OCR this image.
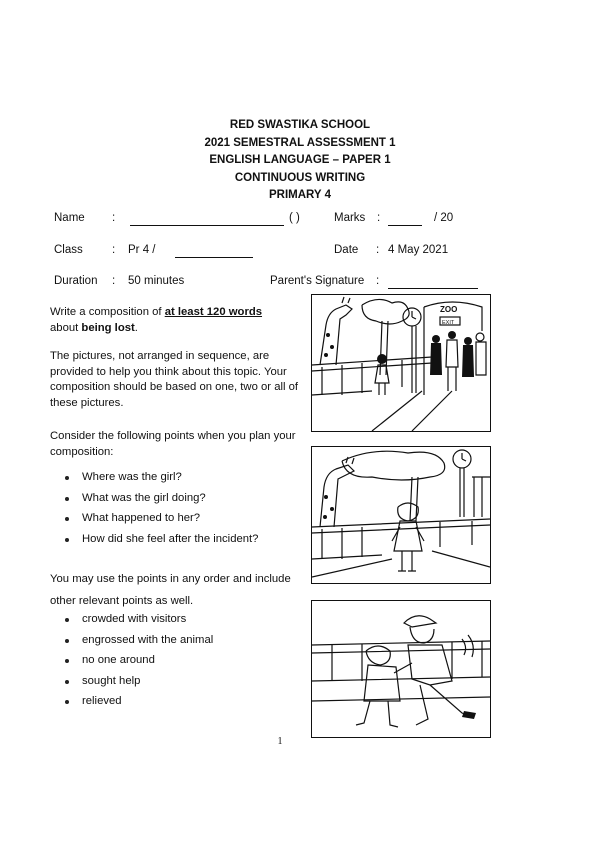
RED SWASTIKA SCHOOL
2021 SEMESTRAL ASSESSMENT 1
ENGLISH LANGUAGE – PAPER 1
CONTINUOUS WRITING
PRIMARY 4
Name :	( )	Marks :	/ 20
Class	: Pr 4 /	Date : 4 May 2021
Duration : 50 minutes	Parent's Signature :
Write a composition of at least 120 words
about being lost.
The pictures, not arranged in sequence, are provided to help you think about this topic. Your composition should be based on one, two or all of these pictures.
Consider the following points when you plan your composition:
Where was the girl?
What was the girl doing?
What happened to her?
How did she feel after the incident?
You may use the points in any order and include
other relevant points as well.
crowded with visitors
engrossed with the animal
no one around
sought help
relieved
ZOO
EXIT
1
